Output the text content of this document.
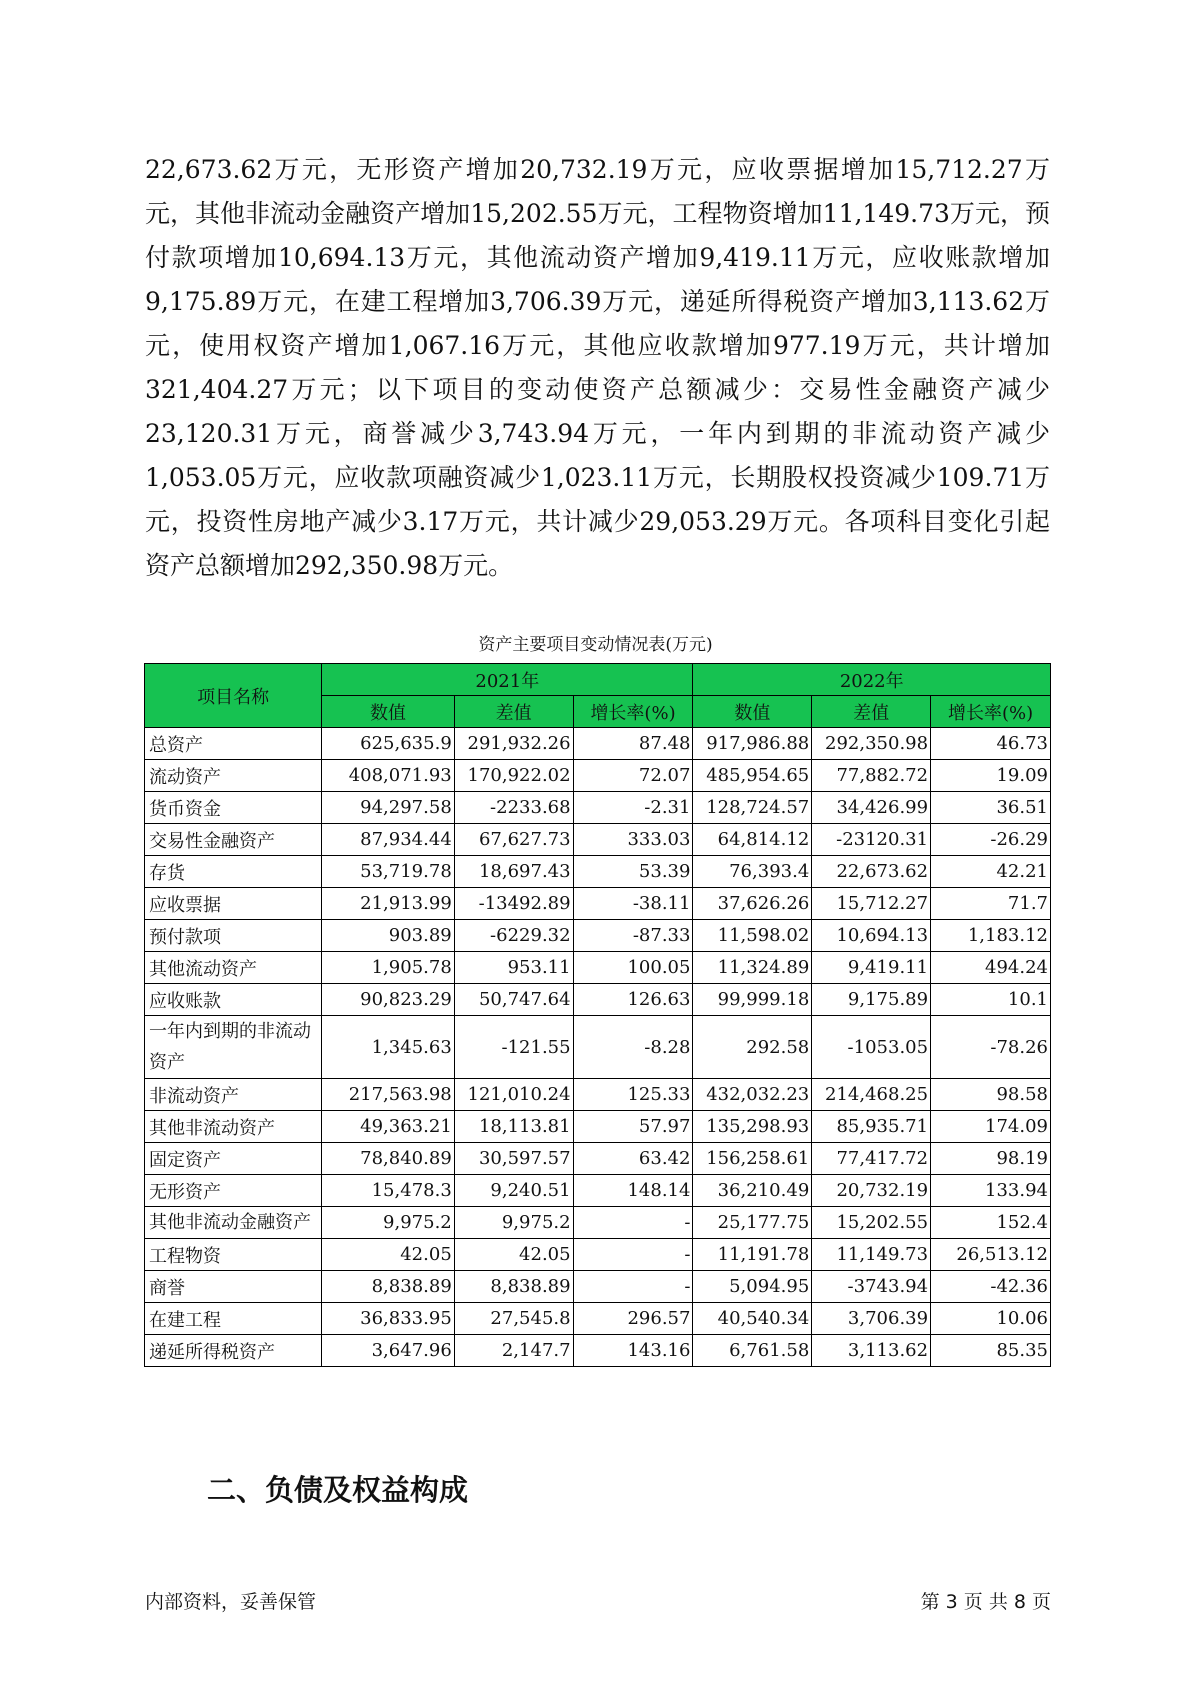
22,673.62万元，无形资产增加20,732.19万元，应收票据增加15,712.27万元，其他非流动金融资产增加15,202.55万元，工程物资增加11,149.73万元，预付款项增加10,694.13万元，其他流动资产增加9,419.11万元，应收账款增加9,175.89万元，在建工程增加3,706.39万元，递延所得税资产增加3,113.62万元，使用权资产增加1,067.16万元，其他应收款增加977.19万元，共计增加321,404.27万元；以下项目的变动使资产总额减少：交易性金融资产减少23,120.31万元，商誉减少3,743.94万元，一年内到期的非流动资产减少1,053.05万元，应收款项融资减少1,023.11万元，长期股权投资减少109.71万元，投资性房地产减少3.17万元，共计减少29,053.29万元。各项科目变化引起资产总额增加292,350.98万元。

资产主要项目变动情况表(万元)
项目名称	2021年			2022年		
	数值	差值	增长率(%)	数值	差值	增长率(%)
总资产	625,635.9	291,932.26	87.48	917,986.88	292,350.98	46.73
流动资产	408,071.93	170,922.02	72.07	485,954.65	77,882.72	19.09
货币资金	94,297.58	-2233.68	-2.31	128,724.57	34,426.99	36.51
交易性金融资产	87,934.44	67,627.73	333.03	64,814.12	-23120.31	-26.29
存货	53,719.78	18,697.43	53.39	76,393.4	22,673.62	42.21
应收票据	21,913.99	-13492.89	-38.11	37,626.26	15,712.27	71.7
预付款项	903.89	-6229.32	-87.33	11,598.02	10,694.13	1,183.12
其他流动资产	1,905.78	953.11	100.05	11,324.89	9,419.11	494.24
应收账款	90,823.29	50,747.64	126.63	99,999.18	9,175.89	10.1
一年内到期的非流动资产	1,345.63	-121.55	-8.28	292.58	-1053.05	-78.26
非流动资产	217,563.98	121,010.24	125.33	432,032.23	214,468.25	98.58
其他非流动资产	49,363.21	18,113.81	57.97	135,298.93	85,935.71	174.09
固定资产	78,840.89	30,597.57	63.42	156,258.61	77,417.72	98.19
无形资产	15,478.3	9,240.51	148.14	36,210.49	20,732.19	133.94
其他非流动金融资产	9,975.2	9,975.2	-	25,177.75	15,202.55	152.4
工程物资	42.05	42.05	-	11,191.78	11,149.73	26,513.12
商誉	8,838.89	8,838.89	-	5,094.95	-3743.94	-42.36
在建工程	36,833.95	27,545.8	296.57	40,540.34	3,706.39	10.06
递延所得税资产	3,647.96	2,147.7	143.16	6,761.58	3,113.62	85.35
二、负债及权益构成
内部资料，妥善保管	第 3 页 共 8 页
